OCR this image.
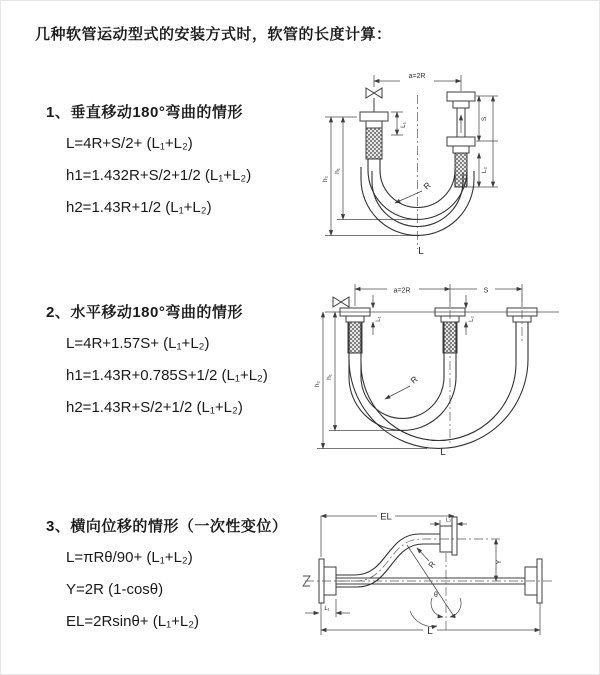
几种软管运动型式的安装方式时，软管的长度计算：
1、垂直移动180°弯曲的情形
L=4R+S/2+ (L₁+L₂)
h1=1.432R+S/2+1/2 (L₁+L₂)
h2=1.43R+1/2 (L₁+L₂)
a=2R
L₁
S
L₂
h₂
h₁
R
L
2、水平移动180°弯曲的情形
L=4R+1.57S+ (L₁+L₂)
h1=1.43R+0.785S+1/2 (L₁+L₂)
h2=1.43R+S/2+1/2 (L₁+L₂)
a=2R	S
L₁	L₂
h₂
h₁	R
L
3、横向位移的情形（一次性变位）
L=πRθ/90+ (L₁+L₂)
Y=2R (1-cosθ)
EL=2Rsinθ+ (L₁+L₂)
EL	L₂
Y
R
θ
L₁
L
